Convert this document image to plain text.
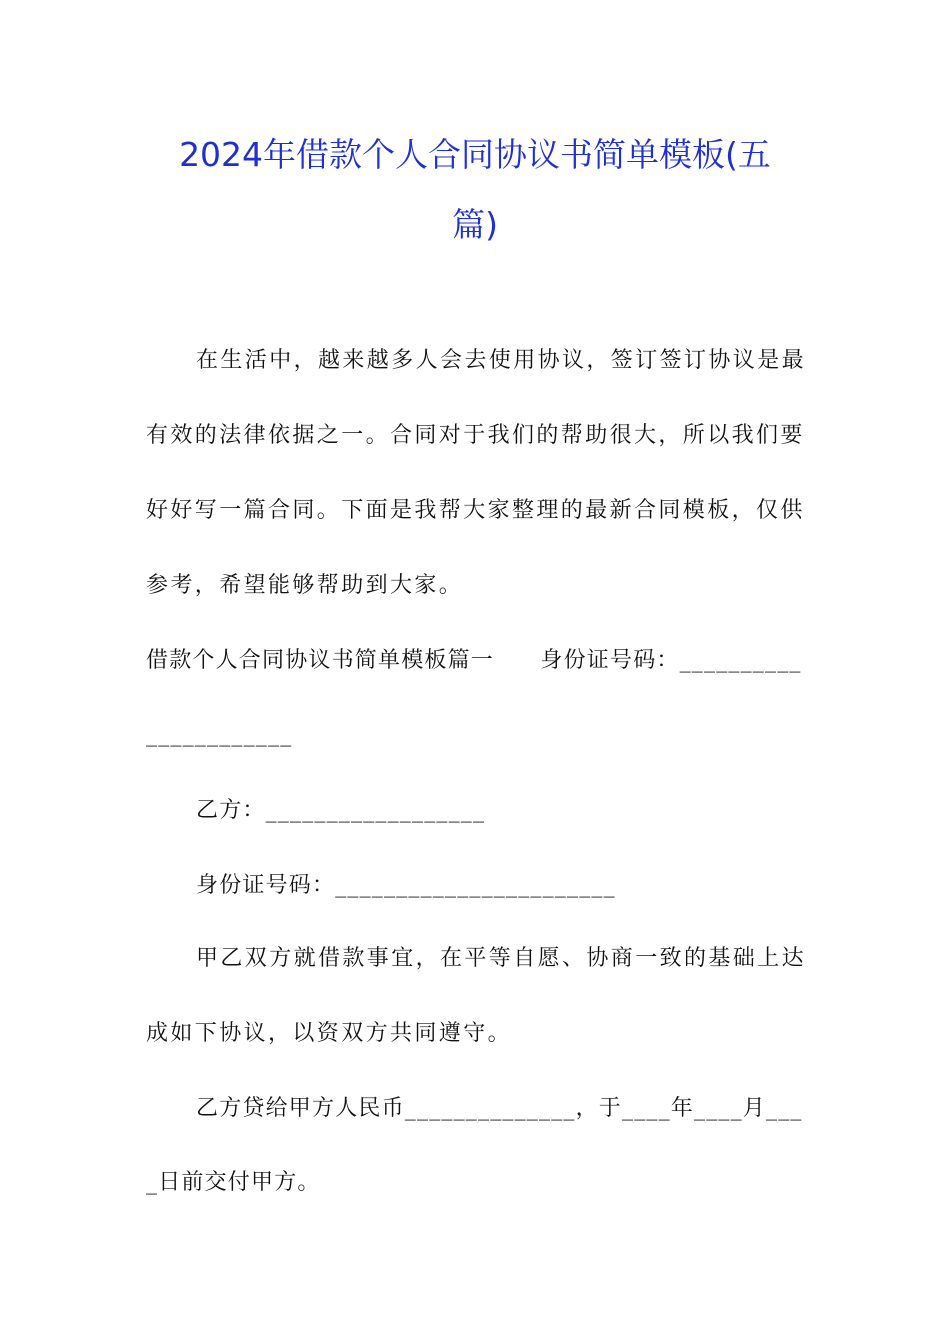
2024年借款个人合同协议书简单模板(五
篇)
在生活中，越来越多人会去使用协议，签订签订协议是最
有效的法律依据之一。合同对于我们的帮助很大，所以我们要
好好写一篇合同。下面是我帮大家整理的最新合同模板，仅供
参考，希望能够帮助到大家。
借款个人合同协议书简单模板篇一　　身份证号码：__________
____________
乙方：__________________
身份证号码：_______________________
甲乙双方就借款事宜，在平等自愿、协商一致的基础上达
成如下协议，以资双方共同遵守。
乙方贷给甲方人民币______________，于____年____月___
_日前交付甲方。
